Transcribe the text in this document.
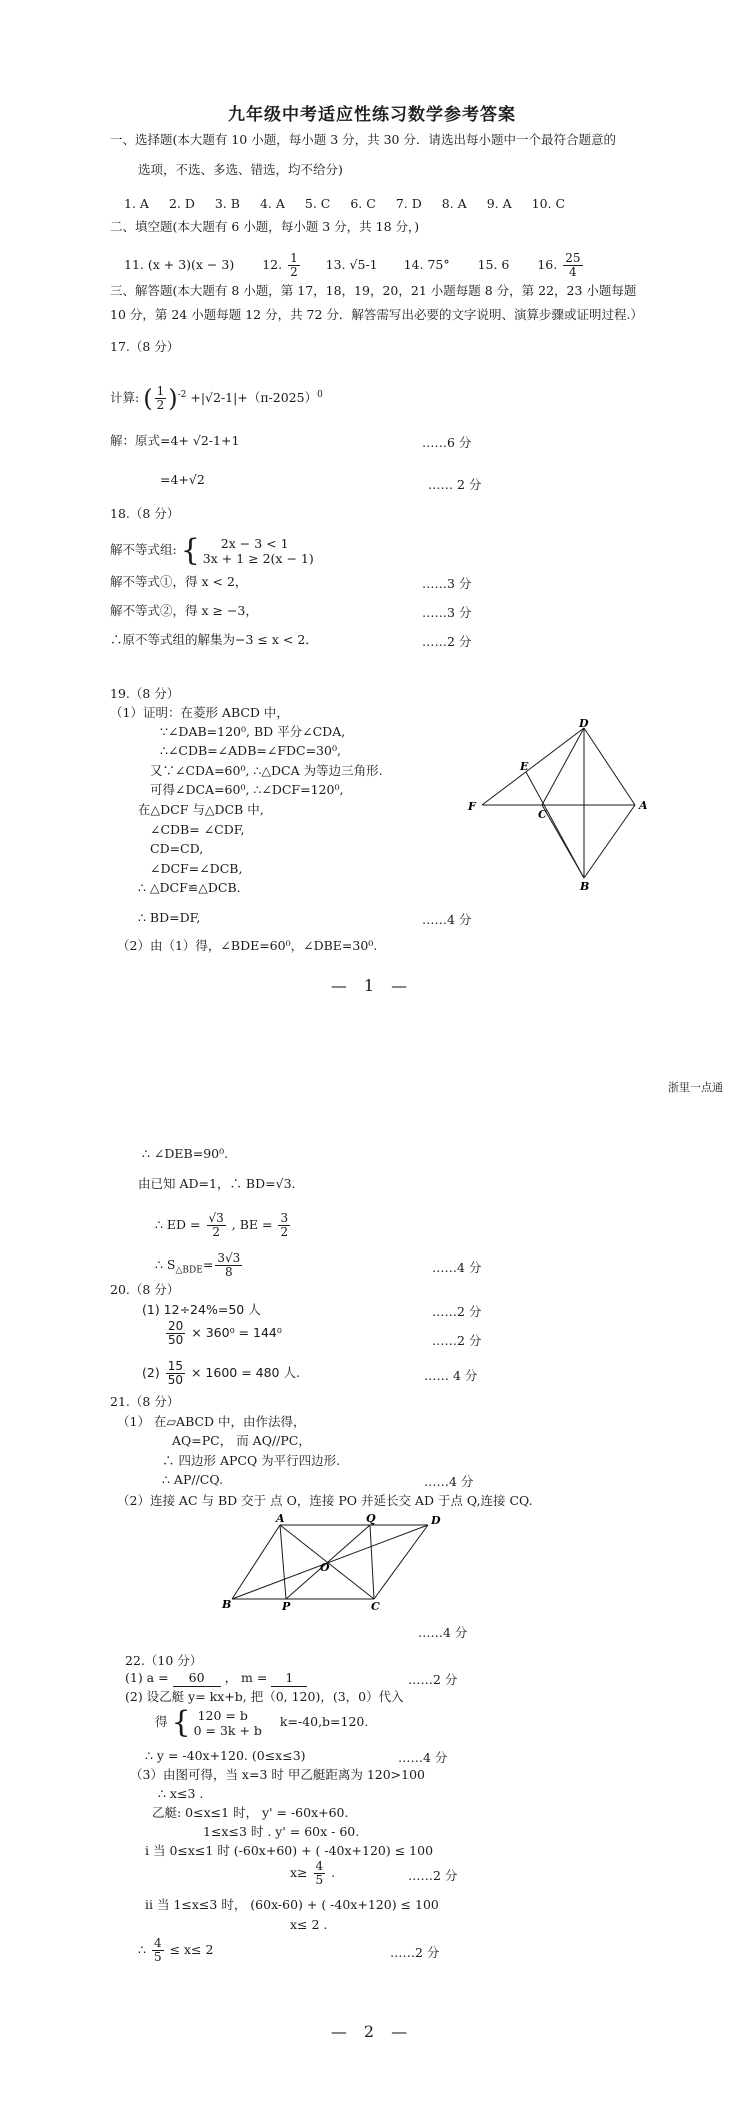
九年级中考适应性练习数学参考答案
一、选择题(本大题有 10 小题，每小题 3 分，共 30 分．请选出每小题中一个最符合题意的
选项，不选、多选、错选，均不给分)
1. A 2. D 3. B 4. A 5. C 6. C 7. D 8. A 9. A 10. C
二、填空题(本大题有 6 小题，每小题 3 分，共 18 分，)
11. (x + 3)(x − 3) 12. $\frac{1}{2} 13$. √5-1 14. 75° 15. 6 16. $\frac{25}{4}$
三、解答题(本大题有 8 小题，第 17，18，19，20，21 小题每题 8 分，第 22，23 小题每题
10 分，第 24 小题每题 12 分，共 72 分．解答需写出必要的文字说明、演算步骤或证明过程.）
17.（8 分）
计算: ( $\frac{1}{2} )^{-2} +|√2-1|+(\pi-2025)^0$
解：原式=4+ √2-1+1	……6 分
=4+√2	…… 2 分
18.（8 分）
解不等式组: {	2x − 3 < 1
3x + 1 ≥ 2(x − 1)
解不等式①，得 x < 2，	……3 分
解不等式②，得 x ≥ −3，	……3 分
∴原不等式组的解集为−3 ≤ x < 2．	……2 分
19.（8 分）
（1）证明：在菱形 ABCD 中，
∵∠DAB=120⁰, BD 平分∠CDA,
∴∠CDB=∠ADB=∠FDC=30⁰,
又∵∠CDA=60⁰, ∴△DCA 为等边三角形.
可得∠DCA=60⁰, ∴∠DCF=120⁰,
在△DCF 与△DCB 中,
∠CDB= ∠CDF,
CD=CD,
∠DCF=∠DCB,
∴ △DCF≌△DCB.
∴ BD=DF,	……4 分
（2）由（1）得，∠BDE=60⁰，∠DBE=30⁰.
D
E
F
C
A
B
— 1 —
浙里一点通
∴ ∠DEB=90⁰.
由已知 AD=1，∴ BD=√3.
∴ ED = $\frac{√3}{2}$ , BE = $\frac{3}{2}$
∴ $S_{\triangle BDE}= \frac{3√3}{8}$	……4 分
20.（8 分）
(1) 12÷24%=50 人	……2 分
$\frac{20}{50} \times 360^0 = 144^0$
……2 分
$(2) \frac{15}{50} \times 1600 = 480$ 人.	…… 4 分
21.（8 分）
（1） 在▱ABCD 中，由作法得，
AQ=PC， 而 AQ//PC，
∴ 四边形 APCQ 为平行四边形.
∴ AP//CQ.	……4 分
（2）连接 AC 与 BD 交于 点 O，连接 PO 并延长交 AD 于点 Q,连接 CQ.
A	Q	D
O
B	P	C
……4 分
22.（10 分）
(1) a = 60 ， m = 1	……2 分
(2) 设乙艇 y= kx+b, 把（0, 120)，(3，0）代入
得 { 120 = b
0 = 3k + b
k=-40,b=120.
∴ y = -40x+120. (0≤x≤3)	……4 分
（3）由图可得，当 x=3 时 甲乙艇距离为 120>100
∴ x≤3 .
乙艇: 0≤x≤1 时， y' = -60x+60.
1≤x≤3 时 . y' = 60x - 60.
i 当 0≤x≤1 时 (-60x+60) + ( -40x+120) ≤ 100
$x\ge \frac{4}{5}$ .	……2 分
ii 当 1≤x≤3 时， (60x-60) + ( -40x+120) ≤ 100
x≤ 2 .
∴ $\frac{4}{5} \le x\le 2$	……2 分
— 2 —
